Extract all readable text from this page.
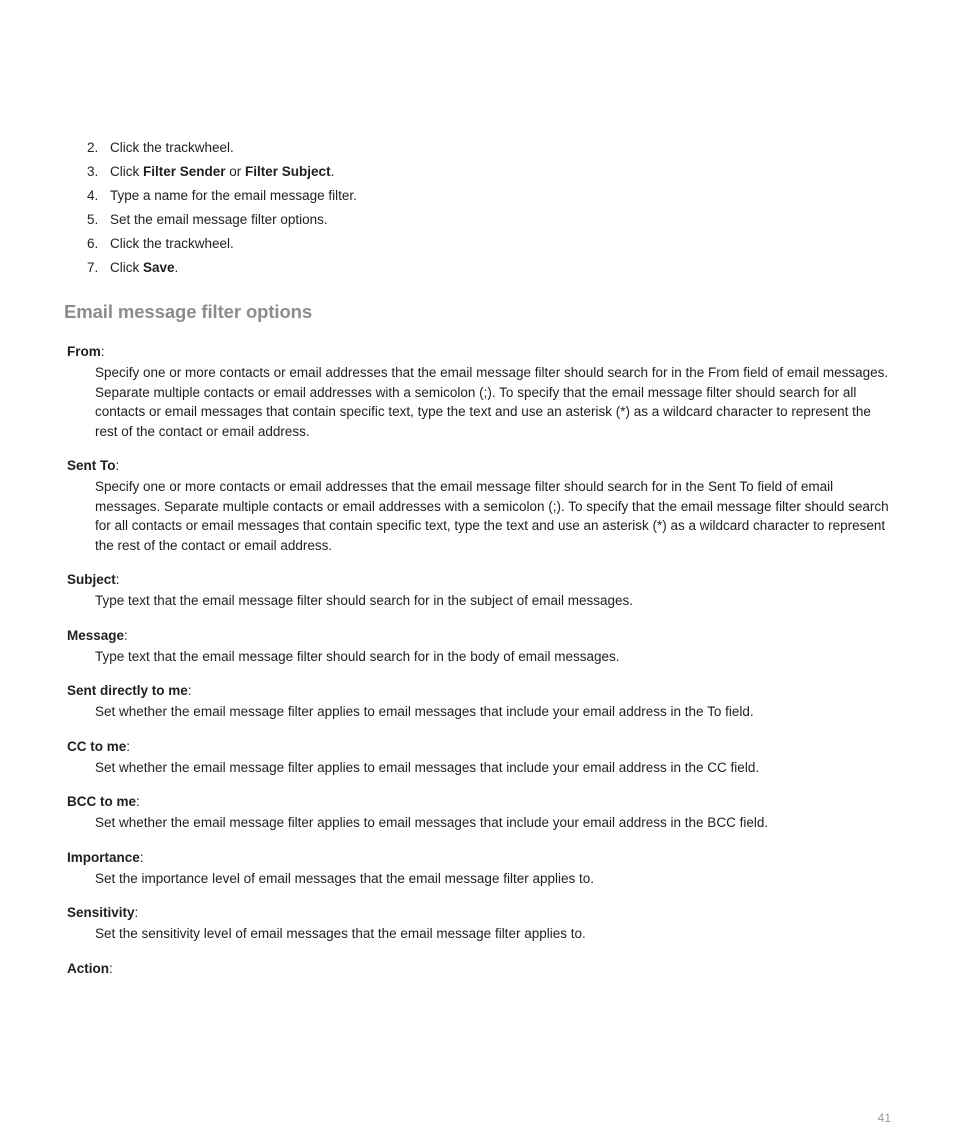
2. Click the trackwheel.
3. Click Filter Sender or Filter Subject.
4. Type a name for the email message filter.
5. Set the email message filter options.
6. Click the trackwheel.
7. Click Save.
Email message filter options
From:
Specify one or more contacts or email addresses that the email message filter should search for in the From field of email messages. Separate multiple contacts or email addresses with a semicolon (;). To specify that the email message filter should search for all contacts or email messages that contain specific text, type the text and use an asterisk (*) as a wildcard character to represent the rest of the contact or email address.
Sent To:
Specify one or more contacts or email addresses that the email message filter should search for in the Sent To field of email messages. Separate multiple contacts or email addresses with a semicolon (;). To specify that the email message filter should search for all contacts or email messages that contain specific text, type the text and use an asterisk (*) as a wildcard character to represent the rest of the contact or email address.
Subject:
Type text that the email message filter should search for in the subject of email messages.
Message:
Type text that the email message filter should search for in the body of email messages.
Sent directly to me:
Set whether the email message filter applies to email messages that include your email address in the To field.
CC to me:
Set whether the email message filter applies to email messages that include your email address in the CC field.
BCC to me:
Set whether the email message filter applies to email messages that include your email address in the BCC field.
Importance:
Set the importance level of email messages that the email message filter applies to.
Sensitivity:
Set the sensitivity level of email messages that the email message filter applies to.
Action:
41
